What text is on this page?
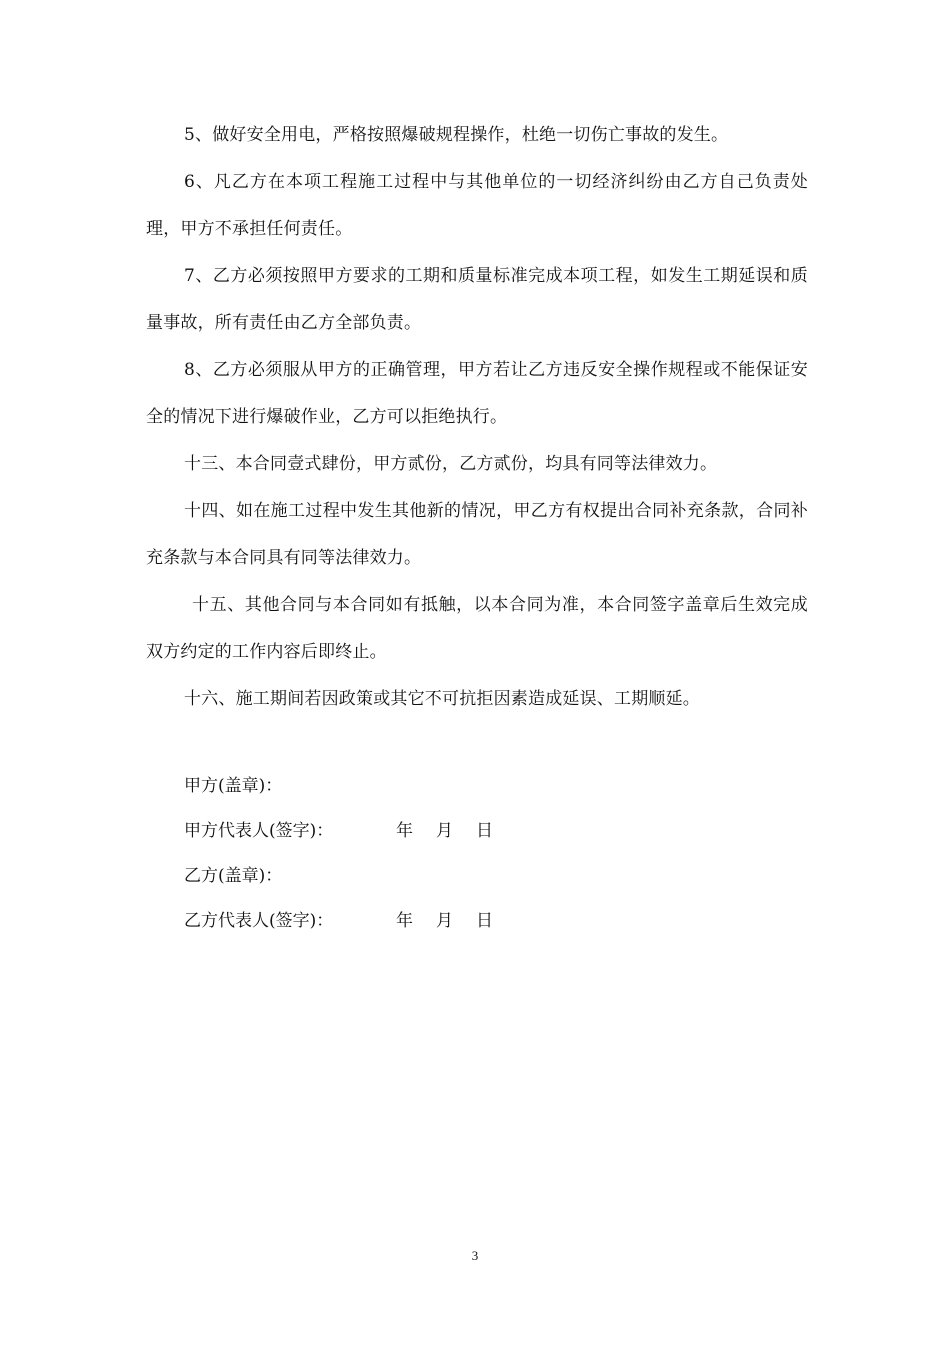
5、做好安全用电，严格按照爆破规程操作，杜绝一切伤亡事故的发生。

6、凡乙方在本项工程施工过程中与其他单位的一切经济纠纷由乙方自己负责处理，甲方不承担任何责任。

7、乙方必须按照甲方要求的工期和质量标准完成本项工程，如发生工期延误和质量事故，所有责任由乙方全部负责。

8、乙方必须服从甲方的正确管理，甲方若让乙方违反安全操作规程或不能保证安全的情况下进行爆破作业，乙方可以拒绝执行。

十三、本合同壹式肆份，甲方贰份，乙方贰份，均具有同等法律效力。

十四、如在施工过程中发生其他新的情况，甲乙方有权提出合同补充条款，合同补充条款与本合同具有同等法律效力。

十五、其他合同与本合同如有抵触，以本合同为准，本合同签字盖章后生效完成双方约定的工作内容后即终止。

十六、施工期间若因政策或其它不可抗拒因素造成延误、工期顺延。

甲方(盖章)：
甲方代表人(签字)：	年 月 日
乙方(盖章)：
乙方代表人(签字)：	年 月 日
3
